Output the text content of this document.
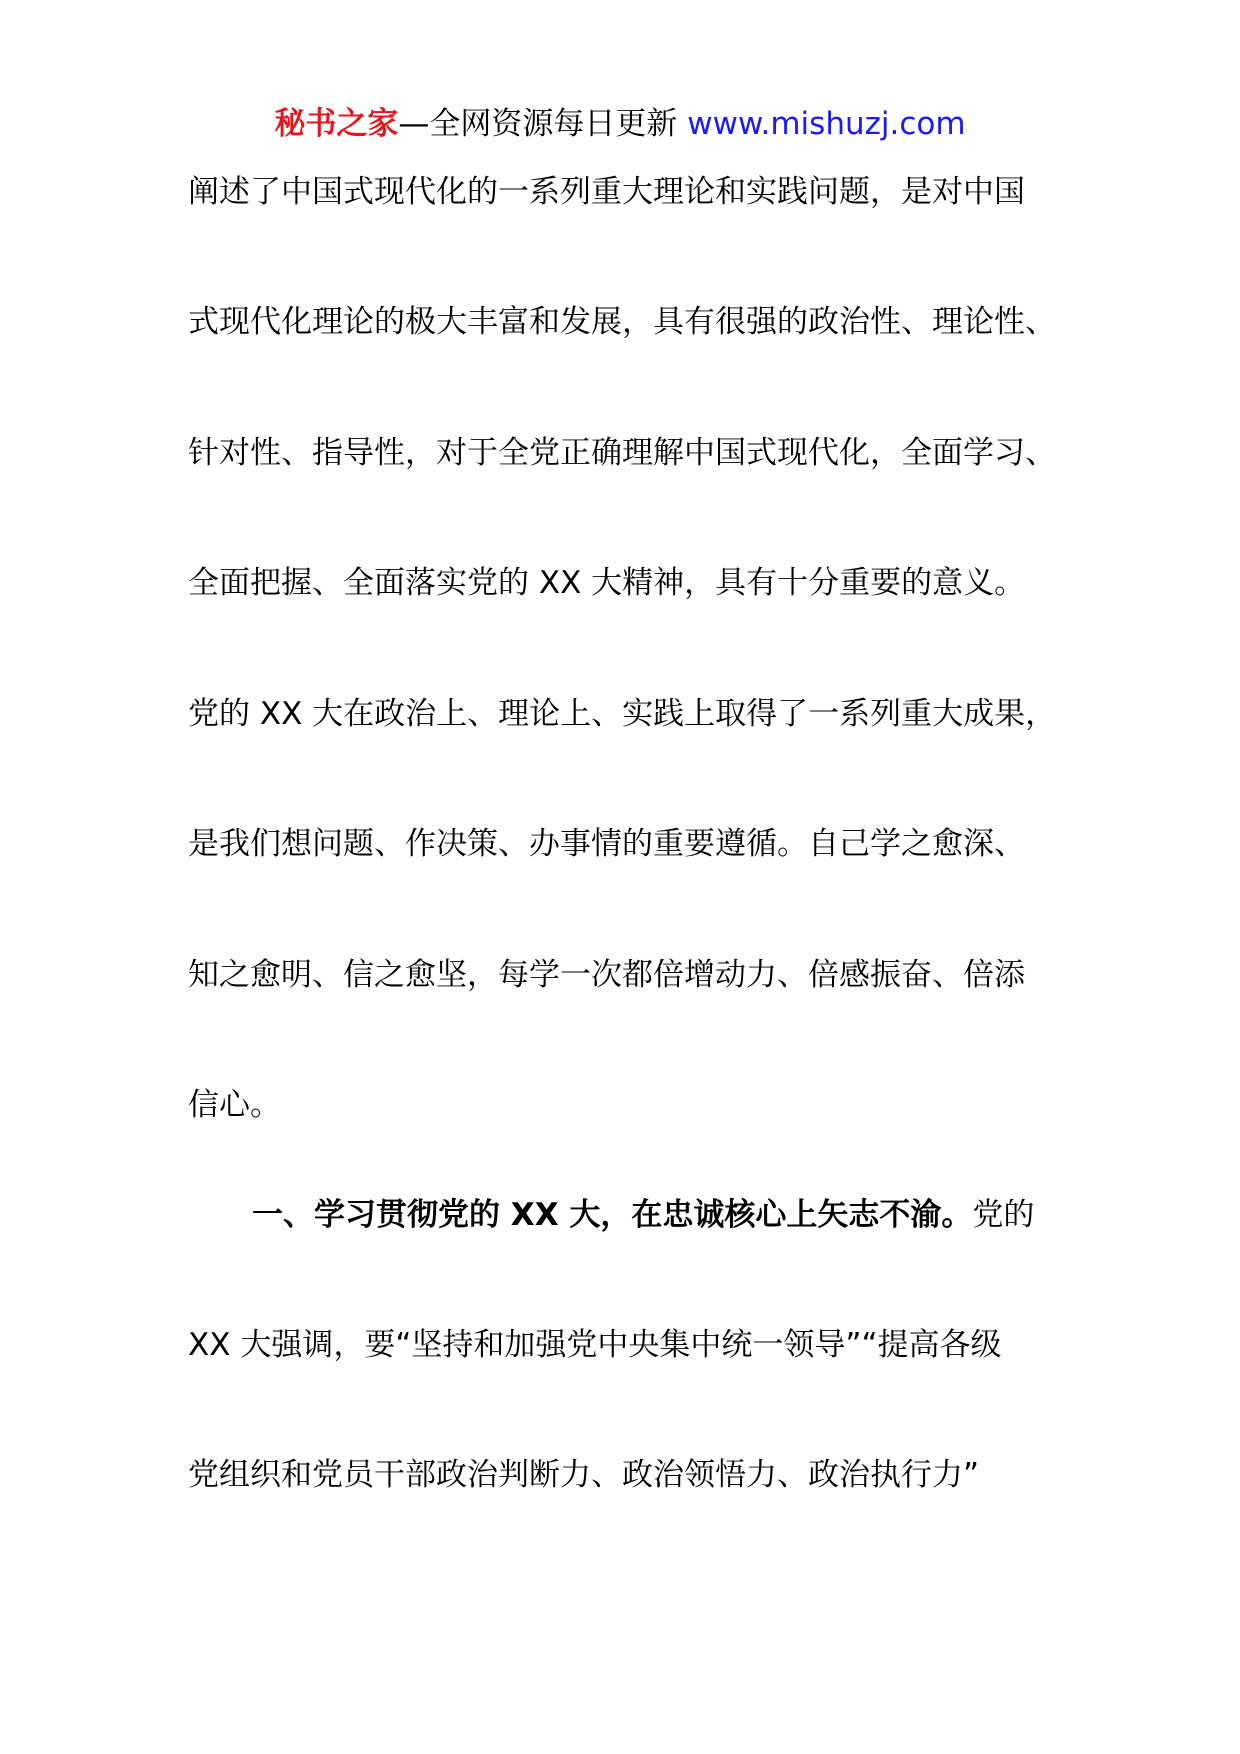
秘书之家—全网资源每日更新 www.mishuzj.com
阐述了中国式现代化的一系列重大理论和实践问题，是对中国
式现代化理论的极大丰富和发展，具有很强的政治性、理论性、
针对性、指导性，对于全党正确理解中国式现代化，全面学习、
全面把握、全面落实党的 XX 大精神，具有十分重要的意义。
党的 XX 大在政治上、理论上、实践上取得了一系列重大成果，
是我们想问题、作决策、办事情的重要遵循。自己学之愈深、
知之愈明、信之愈坚，每学一次都倍增动力、倍感振奋、倍添
信心。
一、学习贯彻党的 XX 大，在忠诚核心上矢志不渝。党的
XX 大强调，要“坚持和加强党中央集中统一领导”“提高各级
党组织和党员干部政治判断力、政治领悟力、政治执行力”
